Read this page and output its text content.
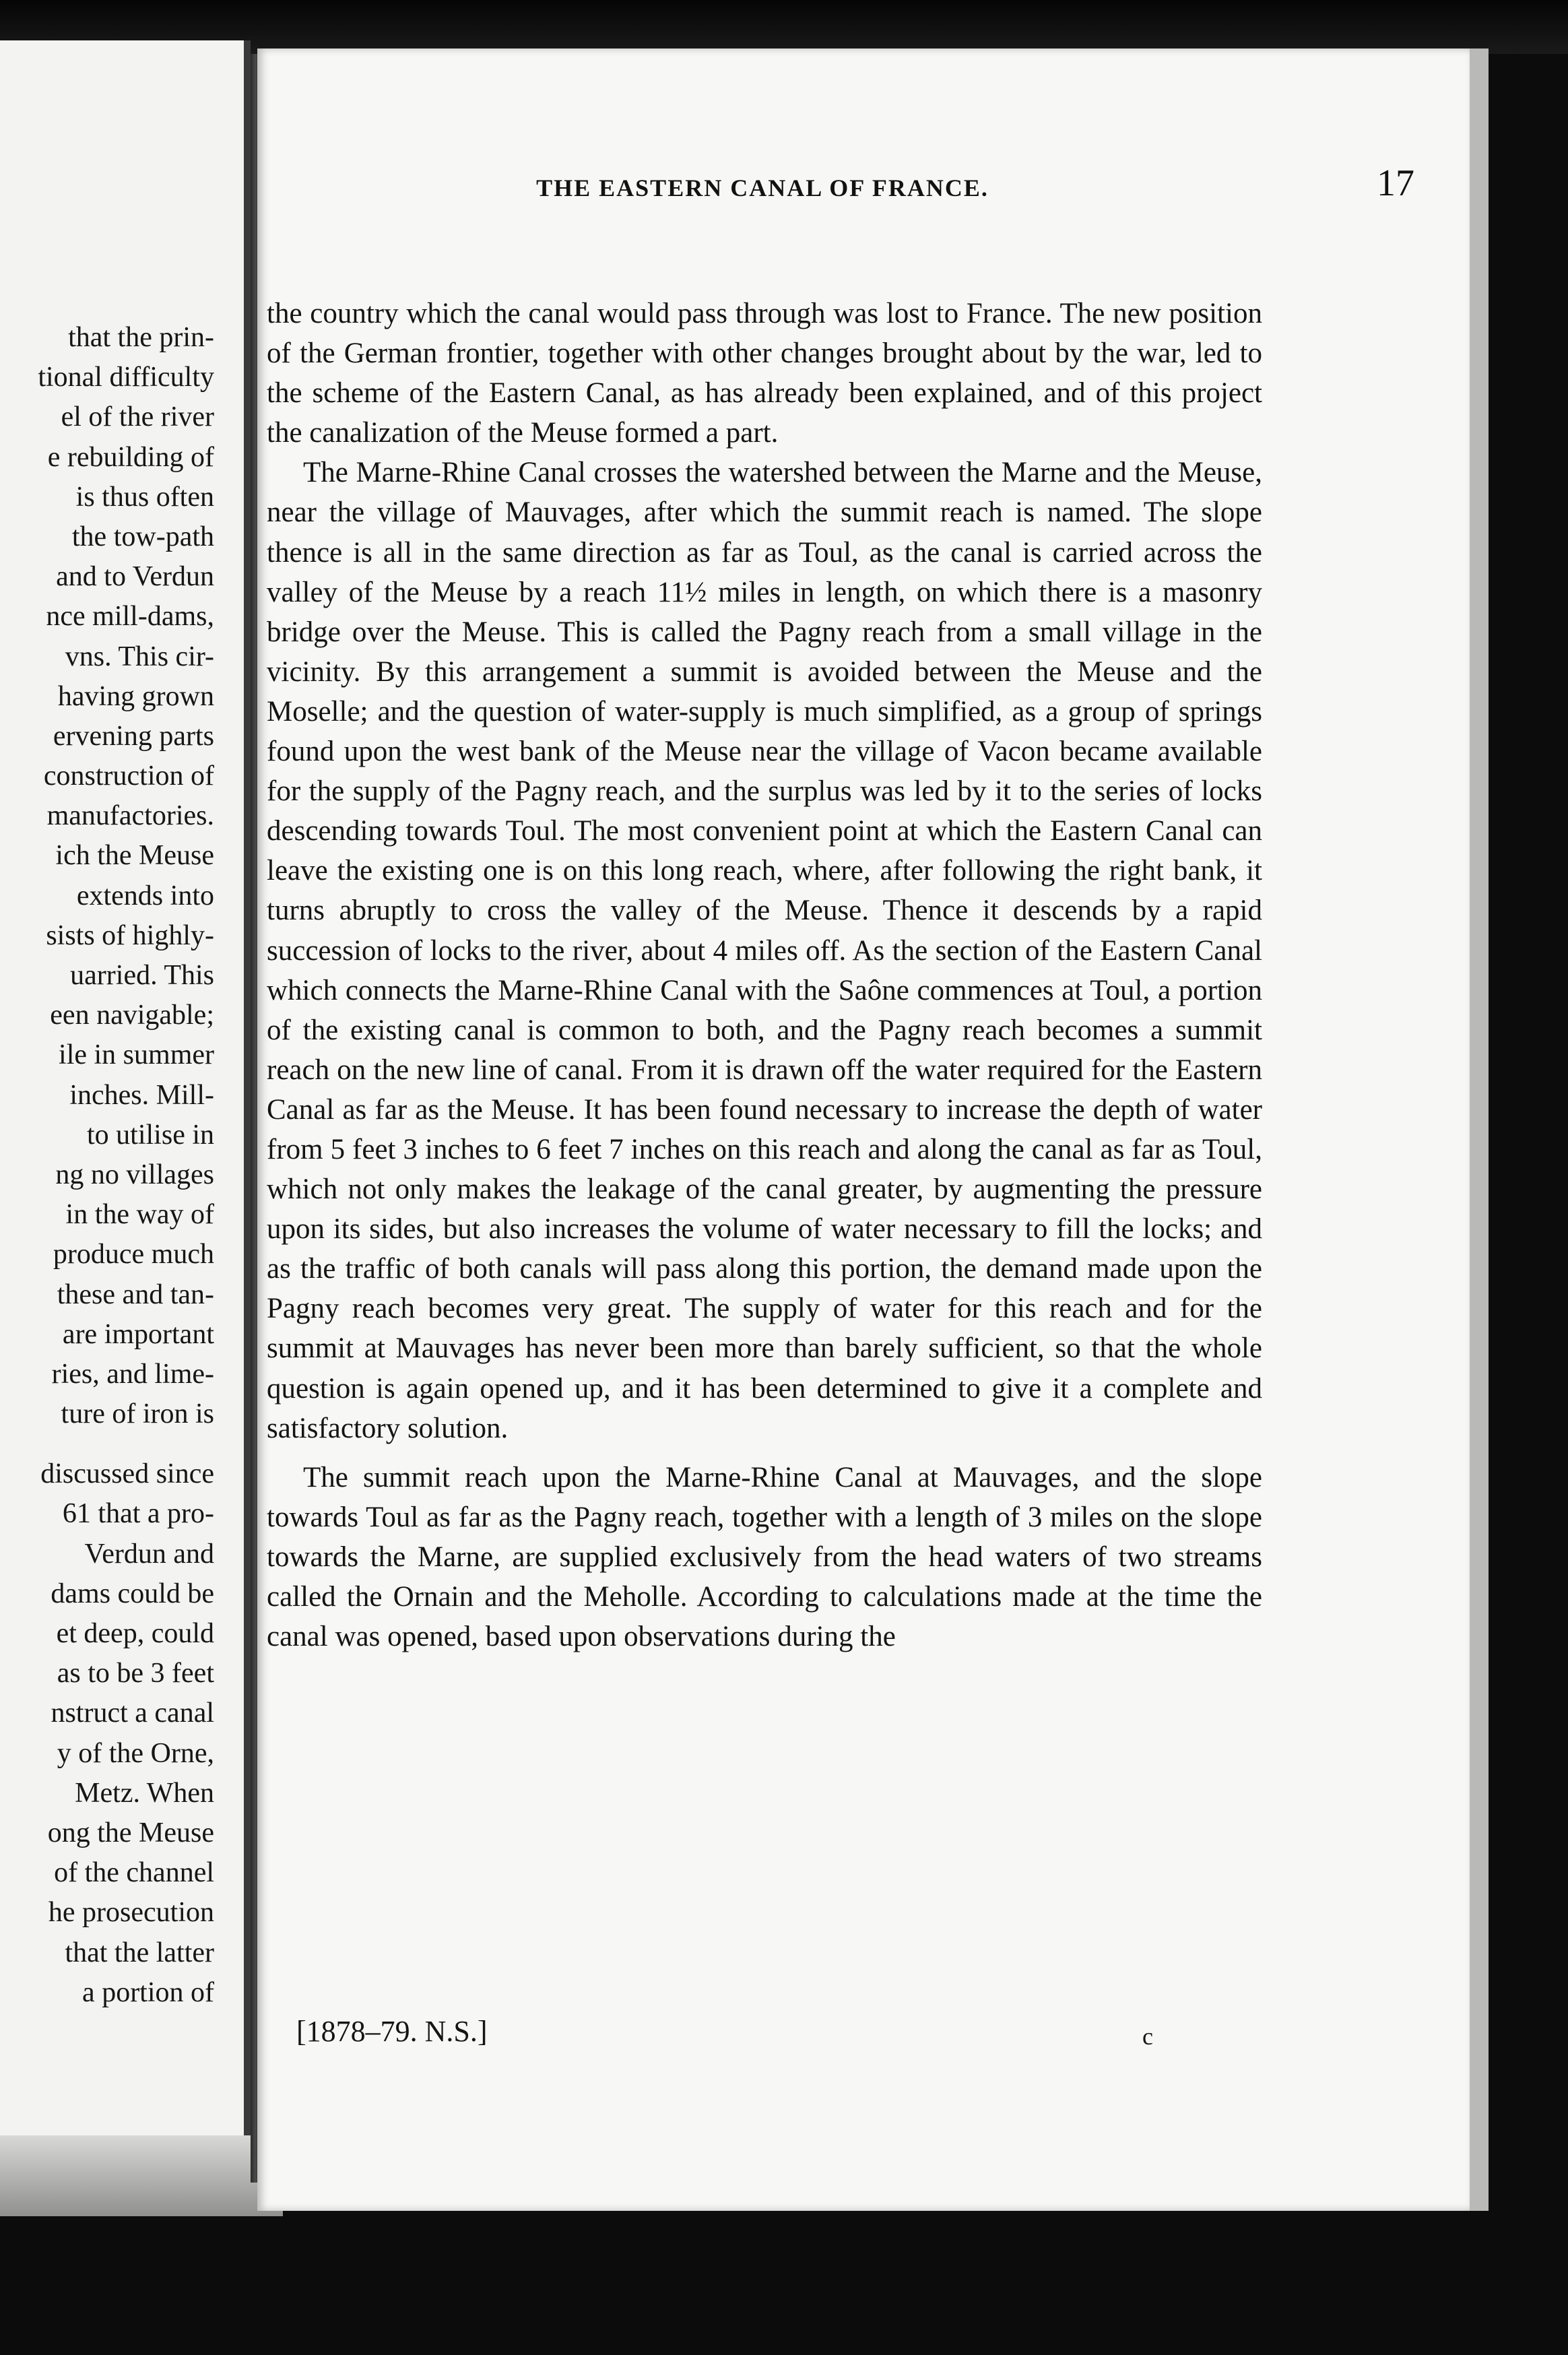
that the prin-
tional difficulty
el of the river
e rebuilding of
is thus often
the tow-path
and to Verdun
nce mill-dams,
vns. This cir-
having grown
ervening parts
construction of
manufactories.
ich the Meuse
extends into
sists of highly-
uarried. This
een navigable;
ile in summer
inches. Mill-
to utilise in
ng no villages
in the way of
produce much
these and tan-
are important
ries, and lime-
ture of iron is
discussed since
61 that a pro-
Verdun and
dams could be
et deep, could
as to be 3 feet
nstruct a canal
y of the Orne,
Metz. When
ong the Meuse
of the channel
he prosecution
that the latter
a portion of
THE EASTERN CANAL OF FRANCE.	17

the country which the canal would pass through was lost to France. The new position of the German frontier, together with other changes brought about by the war, led to the scheme of the Eastern Canal, as has already been explained, and of this project the canalization of the Meuse formed a part.

The Marne-Rhine Canal crosses the watershed between the Marne and the Meuse, near the village of Mauvages, after which the summit reach is named. The slope thence is all in the same direction as far as Toul, as the canal is carried across the valley of the Meuse by a reach 11½ miles in length, on which there is a masonry bridge over the Meuse. This is called the Pagny reach from a small village in the vicinity. By this arrangement a summit is avoided between the Meuse and the Moselle; and the question of water-supply is much simplified, as a group of springs found upon the west bank of the Meuse near the village of Vacon became available for the supply of the Pagny reach, and the surplus was led by it to the series of locks descending towards Toul. The most convenient point at which the Eastern Canal can leave the existing one is on this long reach, where, after following the right bank, it turns abruptly to cross the valley of the Meuse. Thence it descends by a rapid succession of locks to the river, about 4 miles off. As the section of the Eastern Canal which connects the Marne-Rhine Canal with the Saône commences at Toul, a portion of the existing canal is common to both, and the Pagny reach becomes a summit reach on the new line of canal. From it is drawn off the water required for the Eastern Canal as far as the Meuse. It has been found necessary to increase the depth of water from 5 feet 3 inches to 6 feet 7 inches on this reach and along the canal as far as Toul, which not only makes the leakage of the canal greater, by augmenting the pressure upon its sides, but also increases the volume of water necessary to fill the locks; and as the traffic of both canals will pass along this portion, the demand made upon the Pagny reach becomes very great. The supply of water for this reach and for the summit at Mauvages has never been more than barely sufficient, so that the whole question is again opened up, and it has been determined to give it a complete and satisfactory solution.

The summit reach upon the Marne-Rhine Canal at Mauvages, and the slope towards Toul as far as the Pagny reach, together with a length of 3 miles on the slope towards the Marne, are supplied exclusively from the head waters of two streams called the Ornain and the Meholle. According to calculations made at the time the canal was opened, based upon observations during the

[1878–79. N.S.]	c
